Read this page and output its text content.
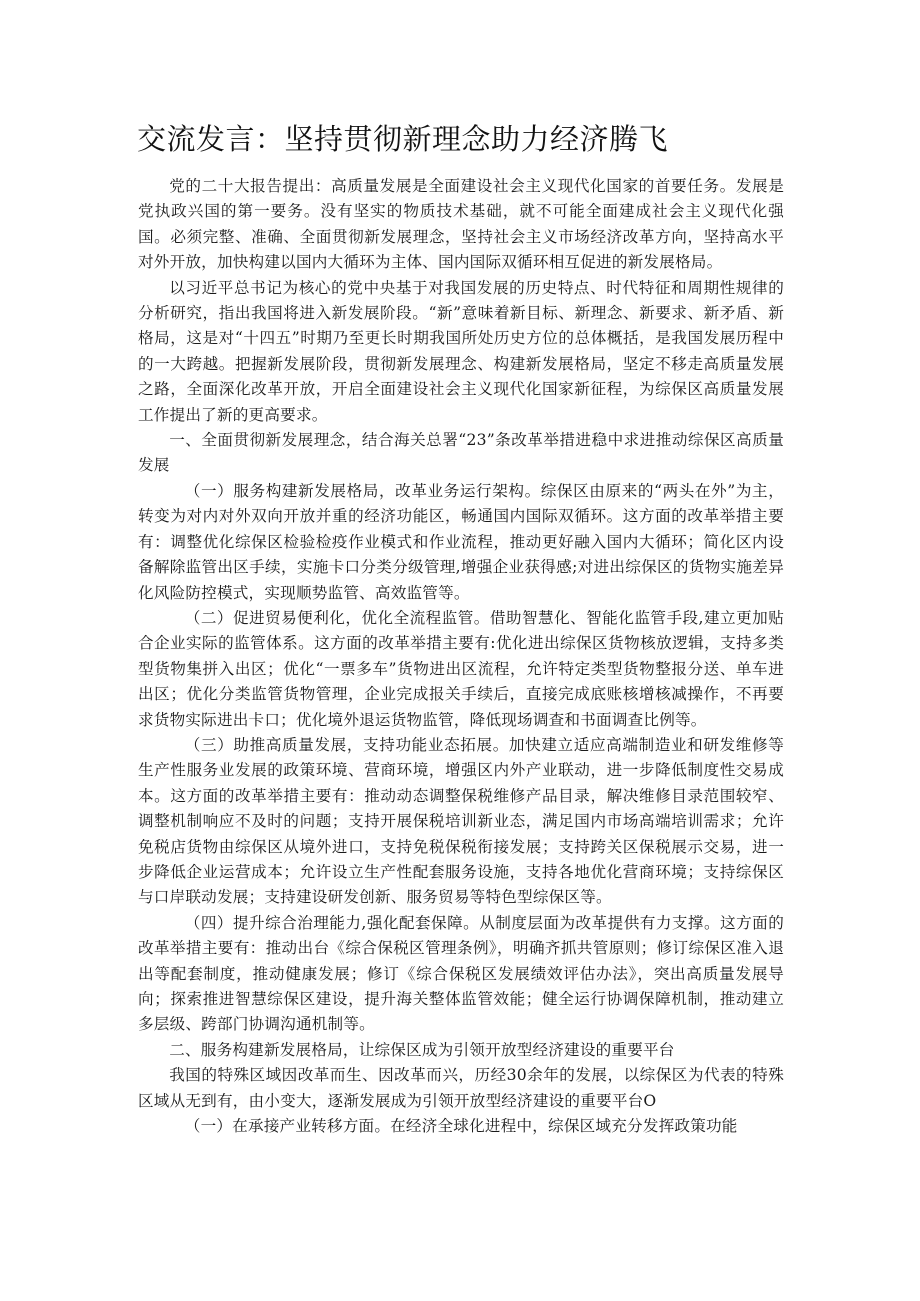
交流发言：坚持贯彻新理念助力经济腾飞

党的二十大报告提出：高质量发展是全面建设社会主义现代化国家的首要任务。发展是党执政兴国的第一要务。没有坚实的物质技术基础，就不可能全面建成社会主义现代化强国。必须完整、准确、全面贯彻新发展理念，坚持社会主义市场经济改革方向，坚持高水平对外开放，加快构建以国内大循环为主体、国内国际双循环相互促进的新发展格局。

以习近平总书记为核心的党中央基于对我国发展的历史特点、时代特征和周期性规律的分析研究，指出我国将进入新发展阶段。“新”意味着新目标、新理念、新要求、新矛盾、新格局，这是对“十四五”时期乃至更长时期我国所处历史方位的总体概括，是我国发展历程中的一大跨越。把握新发展阶段，贯彻新发展理念、构建新发展格局，坚定不移走高质量发展之路，全面深化改革开放，开启全面建设社会主义现代化国家新征程，为综保区高质量发展工作提出了新的更高要求。

一、全面贯彻新发展理念，结合海关总署“23”条改革举措进稳中求进推动综保区高质量发展

（一）服务构建新发展格局，改革业务运行架构。综保区由原来的“两头在外”为主，转变为对内对外双向开放并重的经济功能区，畅通国内国际双循环。这方面的改革举措主要有：调整优化综保区检验检疫作业模式和作业流程，推动更好融入国内大循环；简化区内设备解除监管出区手续，实施卡口分类分级管理,增强企业获得感;对进出综保区的货物实施差异化风险防控模式，实现顺势监管、高效监管等。

（二）促进贸易便利化，优化全流程监管。借助智慧化、智能化监管手段,建立更加贴合企业实际的监管体系。这方面的改革举措主要有:优化进出综保区货物核放逻辑，支持多类型货物集拼入出区；优化“一票多车”货物进出区流程，允许特定类型货物整报分送、单车进出区；优化分类监管货物管理，企业完成报关手续后，直接完成底账核增核减操作，不再要求货物实际进出卡口；优化境外退运货物监管，降低现场调查和书面调查比例等。

（三）助推高质量发展，支持功能业态拓展。加快建立适应高端制造业和研发维修等生产性服务业发展的政策环境、营商环境，增强区内外产业联动，进一步降低制度性交易成本。这方面的改革举措主要有：推动动态调整保税维修产品目录，解决维修目录范围较窄、调整机制响应不及时的问题；支持开展保税培训新业态，满足国内市场高端培训需求；允许免税店货物由综保区从境外进口，支持免税保税衔接发展；支持跨关区保税展示交易，进一步降低企业运营成本；允许设立生产性配套服务设施，支持各地优化营商环境；支持综保区与口岸联动发展；支持建设研发创新、服务贸易等特色型综保区等。

（四）提升综合治理能力,强化配套保障。从制度层面为改革提供有力支撑。这方面的改革举措主要有：推动出台《综合保税区管理条例》，明确齐抓共管原则；修订综保区准入退出等配套制度，推动健康发展；修订《综合保税区发展绩效评估办法》，突出高质量发展导向；探索推进智慧综保区建设，提升海关整体监管效能；健全运行协调保障机制，推动建立多层级、跨部门协调沟通机制等。

二、服务构建新发展格局，让综保区成为引领开放型经济建设的重要平台

我国的特殊区域因改革而生、因改革而兴，历经30余年的发展，以综保区为代表的特殊区域从无到有，由小变大，逐渐发展成为引领开放型经济建设的重要平台O

（一）在承接产业转移方面。在经济全球化进程中，综保区域充分发挥政策功能
